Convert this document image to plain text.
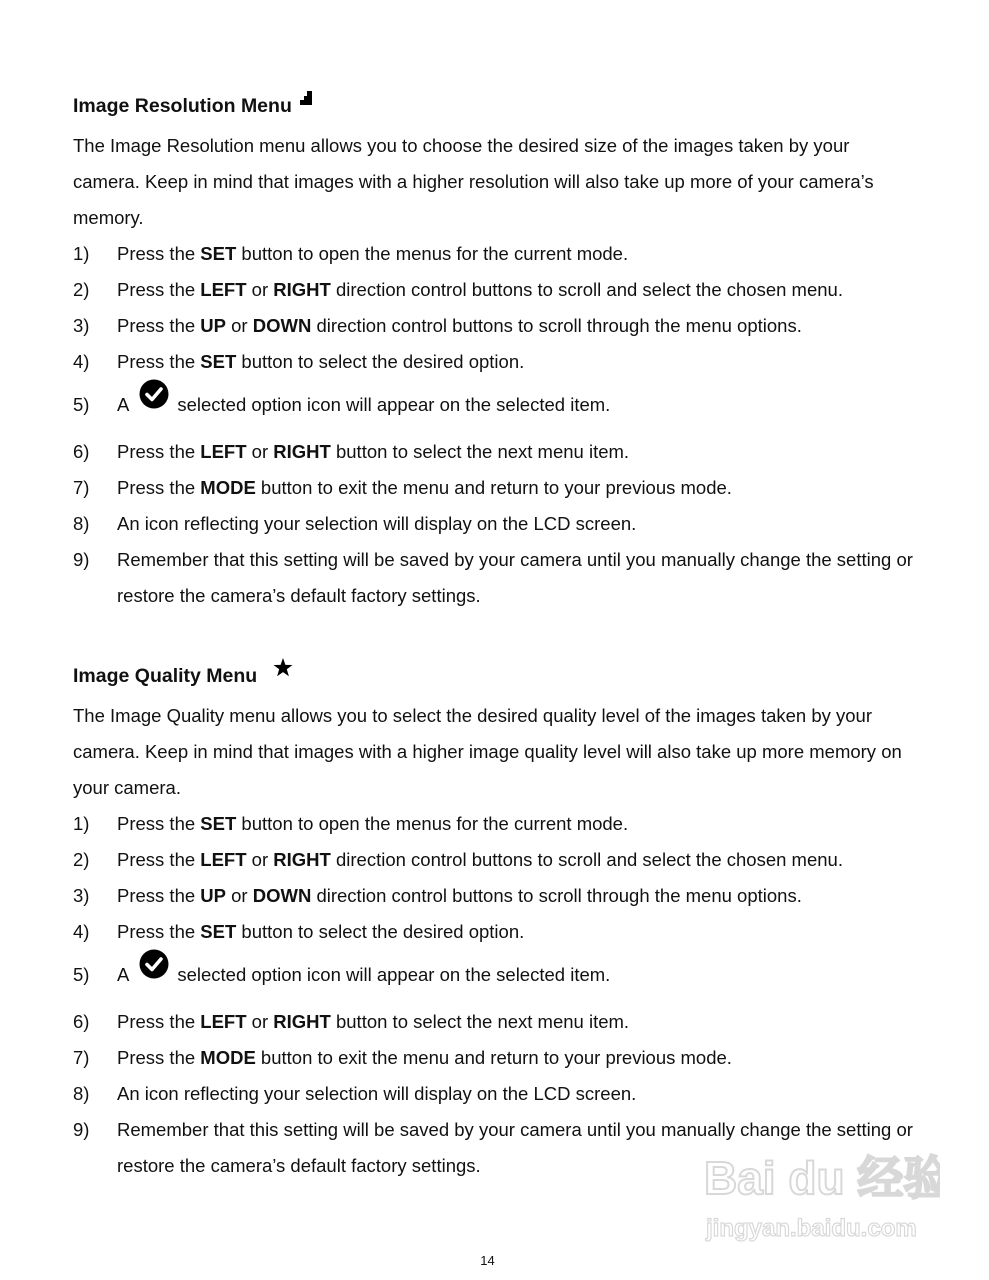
Image Resolution Menu
The Image Resolution menu allows you to choose the desired size of the images taken by your camera. Keep in mind that images with a higher resolution will also take up more of your camera’s memory.
1)	Press the SET button to open the menus for the current mode.
2)	Press the LEFT or RIGHT direction control buttons to scroll and select the chosen menu.
3)	Press the UP or DOWN direction control buttons to scroll through the menu options.
4)	Press the SET button to select the desired option.
5)	A	selected option icon will appear on the selected item.
6)	Press the LEFT or RIGHT button to select the next menu item.
7)	Press the MODE button to exit the menu and return to your previous mode.
8)	An icon reflecting your selection will display on the LCD screen.
9)	Remember that this setting will be saved by your camera until you manually change the setting or restore the camera’s default factory settings.
Image Quality Menu
The Image Quality menu allows you to select the desired quality level of the images taken by your camera. Keep in mind that images with a higher image quality level will also take up more memory on your camera.
1)	Press the SET button to open the menus for the current mode.
2)	Press the LEFT or RIGHT direction control buttons to scroll and select the chosen menu.
3)	Press the UP or DOWN direction control buttons to scroll through the menu options.
4)	Press the SET button to select the desired option.
5)	A	selected option icon will appear on the selected item.
6)	Press the LEFT or RIGHT button to select the next menu item.
7)	Press the MODE button to exit the menu and return to your previous mode.
8)	An icon reflecting your selection will display on the LCD screen.
9)	Remember that this setting will be saved by your camera until you manually change the setting or restore the camera’s default factory settings.	Bai du 经验
jingyan.baidu.com
14
